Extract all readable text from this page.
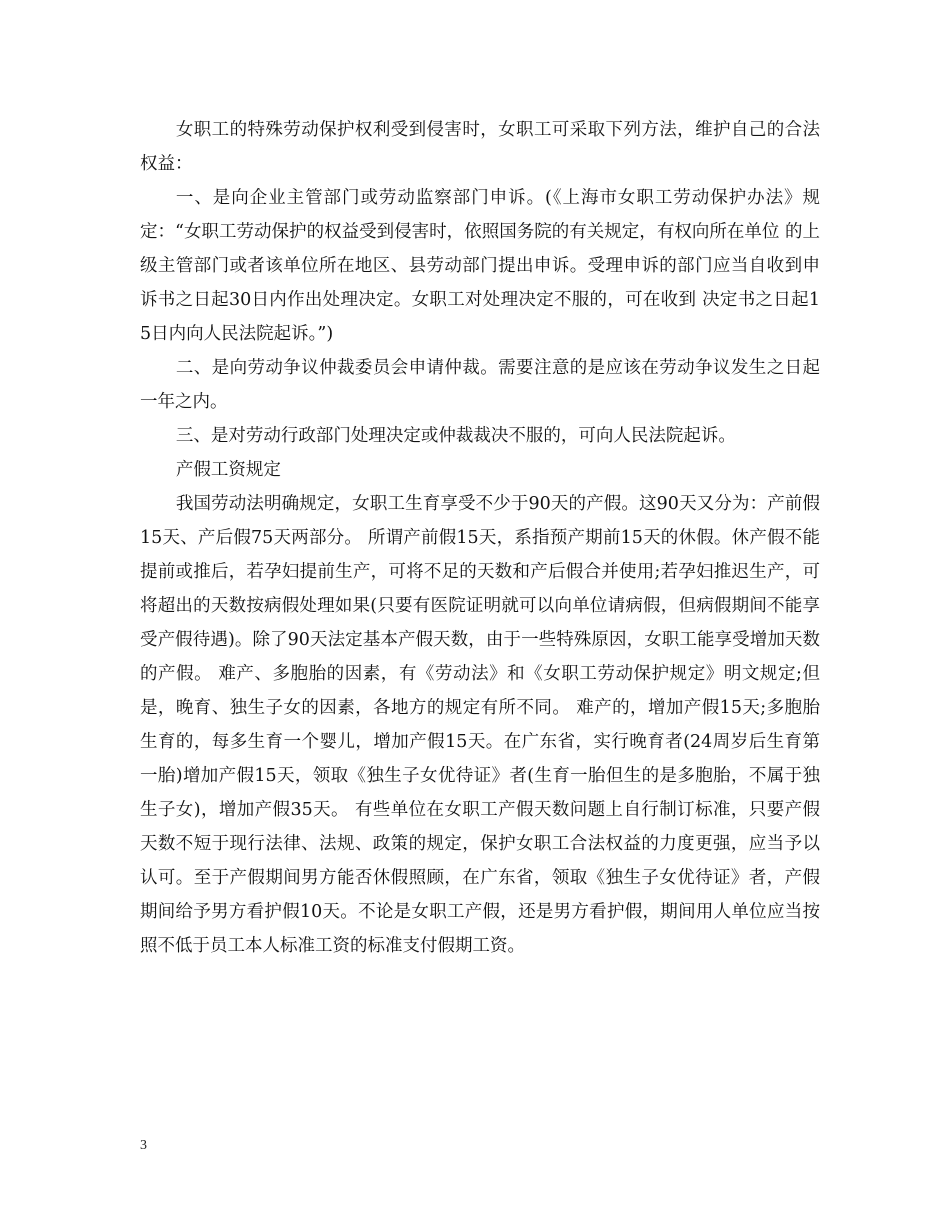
女职工的特殊劳动保护权利受到侵害时，女职工可采取下列方法，维护自己的合法权益：

一、是向企业主管部门或劳动监察部门申诉。(《上海市女职工劳动保护办法》规定：“女职工劳动保护的权益受到侵害时，依照国务院的有关规定，有权向所在单位 的上级主管部门或者该单位所在地区、县劳动部门提出申诉。受理申诉的部门应当自收到申诉书之日起30日内作出处理决定。女职工对处理决定不服的，可在收到 决定书之日起15日内向人民法院起诉。”)

二、是向劳动争议仲裁委员会申请仲裁。需要注意的是应该在劳动争议发生之日起一年之内。

三、是对劳动行政部门处理决定或仲裁裁决不服的，可向人民法院起诉。

产假工资规定

我国劳动法明确规定，女职工生育享受不少于90天的产假。这90天又分为：产前假15天、产后假75天两部分。 所谓产前假15天，系指预产期前15天的休假。休产假不能提前或推后，若孕妇提前生产，可将不足的天数和产后假合并使用;若孕妇推迟生产，可将超出的天数按病假处理如果(只要有医院证明就可以向单位请病假，但病假期间不能享受产假待遇)。除了90天法定基本产假天数，由于一些特殊原因，女职工能享受增加天数的产假。 难产、多胞胎的因素，有《劳动法》和《女职工劳动保护规定》明文规定;但是，晚育、独生子女的因素，各地方的规定有所不同。 难产的，增加产假15天;多胞胎生育的，每多生育一个婴儿，增加产假15天。在广东省，实行晚育者(24周岁后生育第一胎)增加产假15天，领取《独生子女优待证》者(生育一胎但生的是多胞胎，不属于独生子女)，增加产假35天。 有些单位在女职工产假天数问题上自行制订标准，只要产假天数不短于现行法律、法规、政策的规定，保护女职工合法权益的力度更强，应当予以认可。至于产假期间男方能否休假照顾，在广东省，领取《独生子女优待证》者，产假期间给予男方看护假10天。不论是女职工产假，还是男方看护假，期间用人单位应当按照不低于员工本人标准工资的标准支付假期工资。

3
